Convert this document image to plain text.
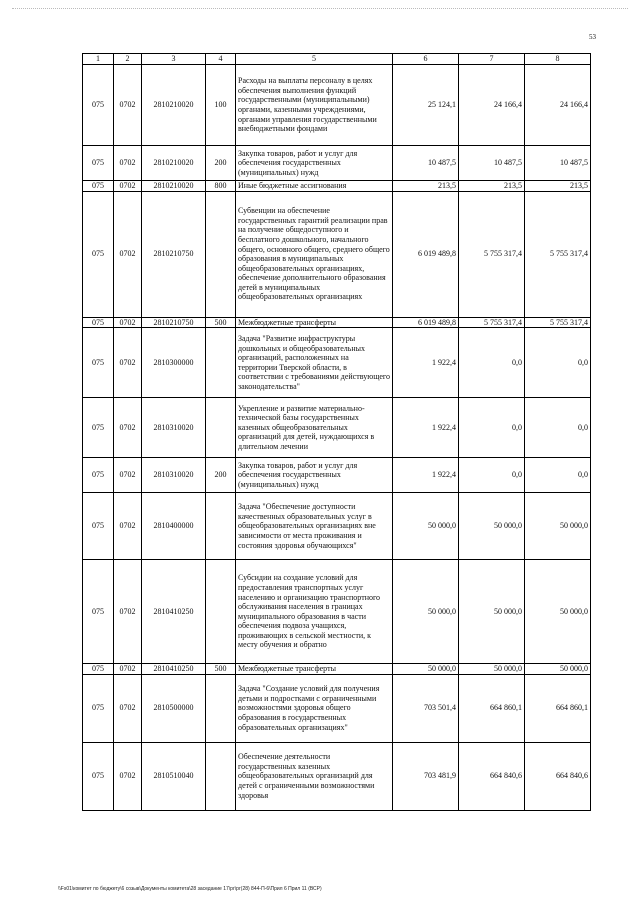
53
1	2	3	4	5	6	7	8
075	0702	2810210020	100	Расходы на выплаты персоналу в целях обеспечения выполнения функций государственными (муниципальными) органами, казенными учреждениями, органами управления государственными внебюджетными фондами	25 124,1	24 166,4	24 166,4
075	0702	2810210020	200	Закупка товаров, работ и услуг для обеспечения государственных (муниципальных) нужд	10 487,5	10 487,5	10 487,5
075	0702	2810210020	800	Иные бюджетные ассигнования	213,5	213,5	213,5
075	0702	2810210750		Субвенции на обеспечение государственных гарантий реализации прав на получение общедоступного и бесплатного дошкольного, начального общего, основного общего, среднего общего образования в муниципальных общеобразовательных организациях, обеспечение дополнительного образования детей в муниципальных общеобразовательных организациях	6 019 489,8	5 755 317,4	5 755 317,4
075	0702	2810210750	500	Межбюджетные трансферты	6 019 489,8	5 755 317,4	5 755 317,4
075	0702	2810300000		Задача "Развитие инфраструктуры дошкольных и общеобразовательных организаций, расположенных на территории Тверской области, в соответствии с требованиями действующего законодательства"	1 922,4	0,0	0,0
075	0702	2810310020		Укрепление и развитие материально-технической базы государственных казенных общеобразовательных организаций для детей, нуждающихся в длительном лечении	1 922,4	0,0	0,0
075	0702	2810310020	200	Закупка товаров, работ и услуг для обеспечения государственных (муниципальных) нужд	1 922,4	0,0	0,0
075	0702	2810400000		Задача "Обеспечение доступности качественных образовательных услуг в общеобразовательных организациях вне зависимости от места проживания и состояния здоровья обучающихся"	50 000,0	50 000,0	50 000,0
075	0702	2810410250		Субсидии на создание условий для предоставления транспортных услуг населению и организацию транспортного обслуживания населения в границах муниципального образования в части обеспечения подвоза учащихся, проживающих в сельской местности, к месту обучения и обратно	50 000,0	50 000,0	50 000,0
075	0702	2810410250	500	Межбюджетные трансферты	50 000,0	50 000,0	50 000,0
075	0702	2810500000		Задача "Создание условий для получения детьми и подростками с ограниченными возможностями здоровья общего образования в государственных образовательных организациях"	703 501,4	664 860,1	664 860,1
075	0702	2810510040		Обеспечение деятельности государственных казенных общеобразовательных организаций для детей с ограниченными возможностями здоровья	703 481,9	664 840,6	664 840,6
\\Fs01\комитет по бюджету\6 созыв\Документы комитета\28 заседание 17\рг\рг(28) 844-П-6\Прил 6 Прил 11 (ВСР)
